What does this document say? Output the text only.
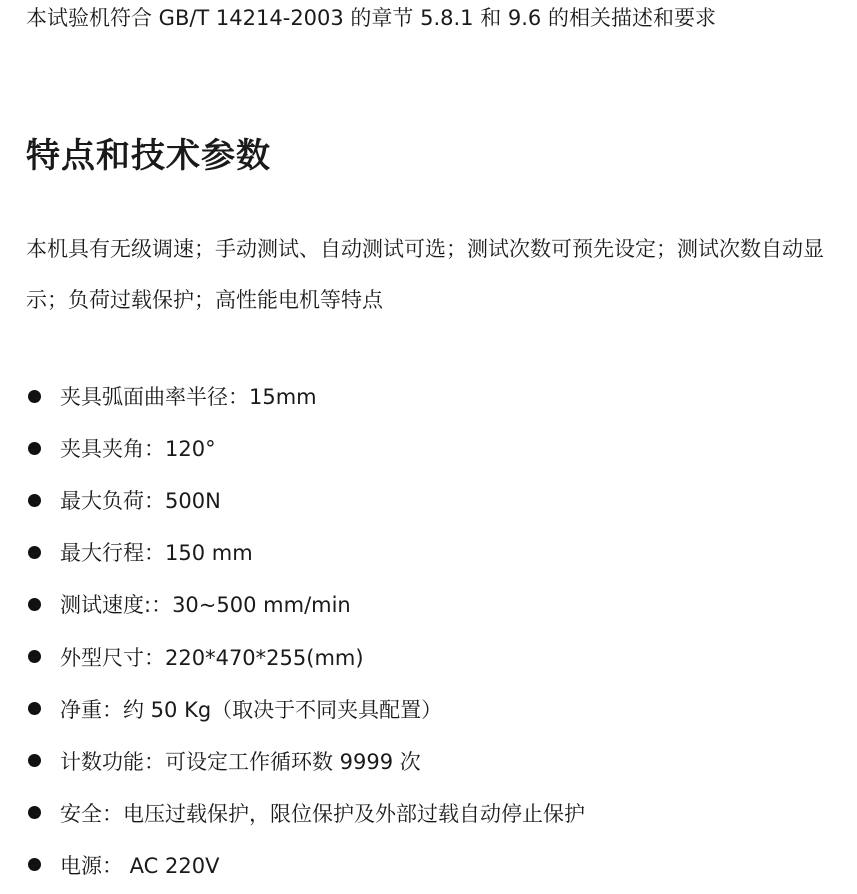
本试验机符合 GB/T 14214-2003 的章节 5.8.1 和 9.6 的相关描述和要求
特点和技术参数
本机具有无级调速；手动测试、自动测试可选；测试次数可预先设定；测试次数自动显示；负荷过载保护；高性能电机等特点
夹具弧面曲率半径：15mm
夹具夹角：120°
最大负荷：500N
最大行程：150 mm
测试速度:：30~500 mm/min
外型尺寸：220*470*255(mm)
净重：约 50 Kg（取决于不同夹具配置）
计数功能：可设定工作循环数 9999 次
安全：电压过载保护，限位保护及外部过载自动停止保护
电源： AC 220V
